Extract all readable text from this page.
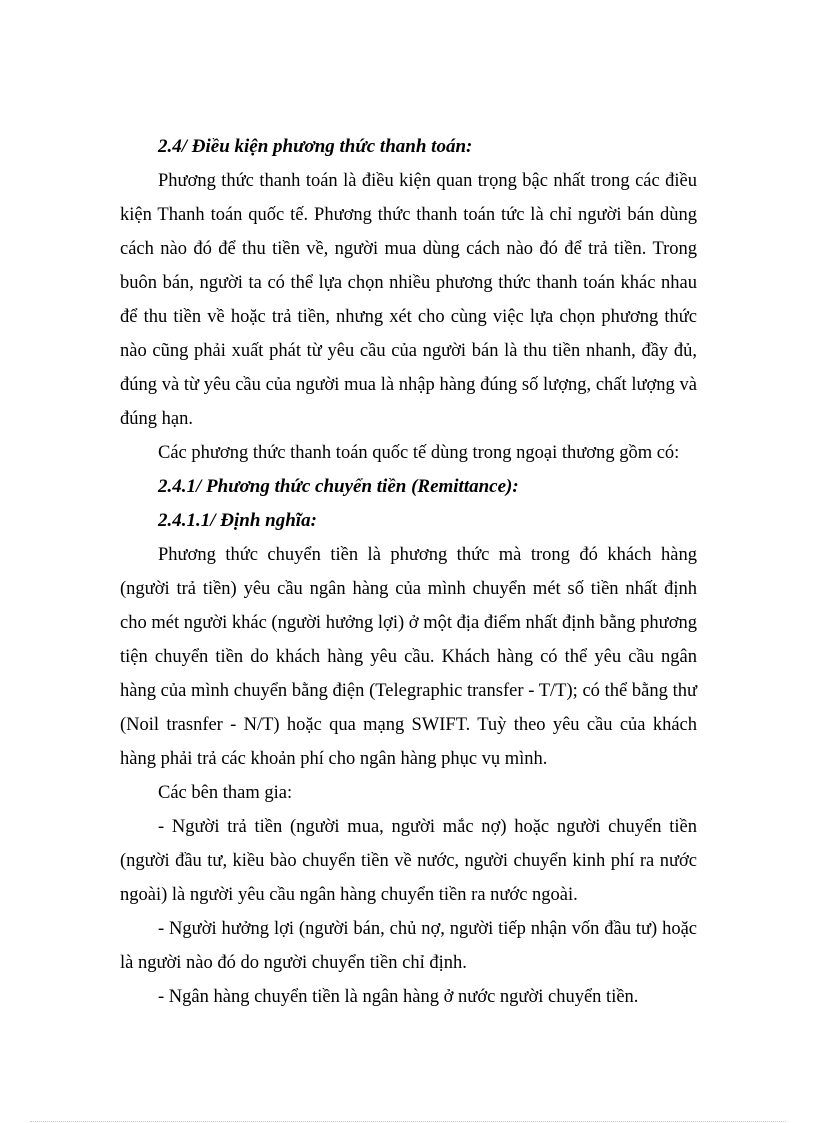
2.4/ Điều kiện phương thức thanh toán:

Phương thức thanh toán là điều kiện quan trọng bậc nhất trong các điều kiện Thanh toán quốc tế. Phương thức thanh toán tức là chỉ người bán dùng cách nào đó để thu tiền về, người mua dùng cách nào đó để trả tiền. Trong buôn bán, người ta có thể lựa chọn nhiều phương thức thanh toán khác nhau để thu tiền về hoặc trả tiền, nhưng xét cho cùng việc lựa chọn phương thức nào cũng phải xuất phát từ yêu cầu của người bán là thu tiền nhanh, đầy đủ, đúng và từ yêu cầu của người mua là nhập hàng đúng số lượng, chất lượng và đúng hạn.

Các phương thức thanh toán quốc tế dùng trong ngoại thương gồm có:

2.4.1/ Phương thức chuyển tiền (Remittance):

2.4.1.1/ Định nghĩa:

Phương thức chuyển tiền là phương thức mà trong đó khách hàng (người trả tiền) yêu cầu ngân hàng của mình chuyển mét số tiền nhất định cho mét người khác (người hưởng lợi) ở một địa điểm nhất định bằng phương tiện chuyển tiền do khách hàng yêu cầu. Khách hàng có thể yêu cầu ngân hàng của mình chuyển bằng điện (Telegraphic transfer - T/T); có thể bằng thư (Noil trasnfer - N/T) hoặc qua mạng SWIFT. Tuỳ theo yêu cầu của khách hàng phải trả các khoản phí cho ngân hàng phục vụ mình.

Các bên tham gia:

- Người trả tiền (người mua, người mắc nợ) hoặc người chuyển tiền (người đầu tư, kiều bào chuyển tiền về nước, người chuyển kinh phí ra nước ngoài) là người yêu cầu ngân hàng chuyển tiền ra nước ngoài.

- Người hưởng lợi (người bán, chủ nợ, người tiếp nhận vốn đầu tư) hoặc là người nào đó do người chuyển tiền chỉ định.

- Ngân hàng chuyển tiền là ngân hàng ở nước người chuyển tiền.
